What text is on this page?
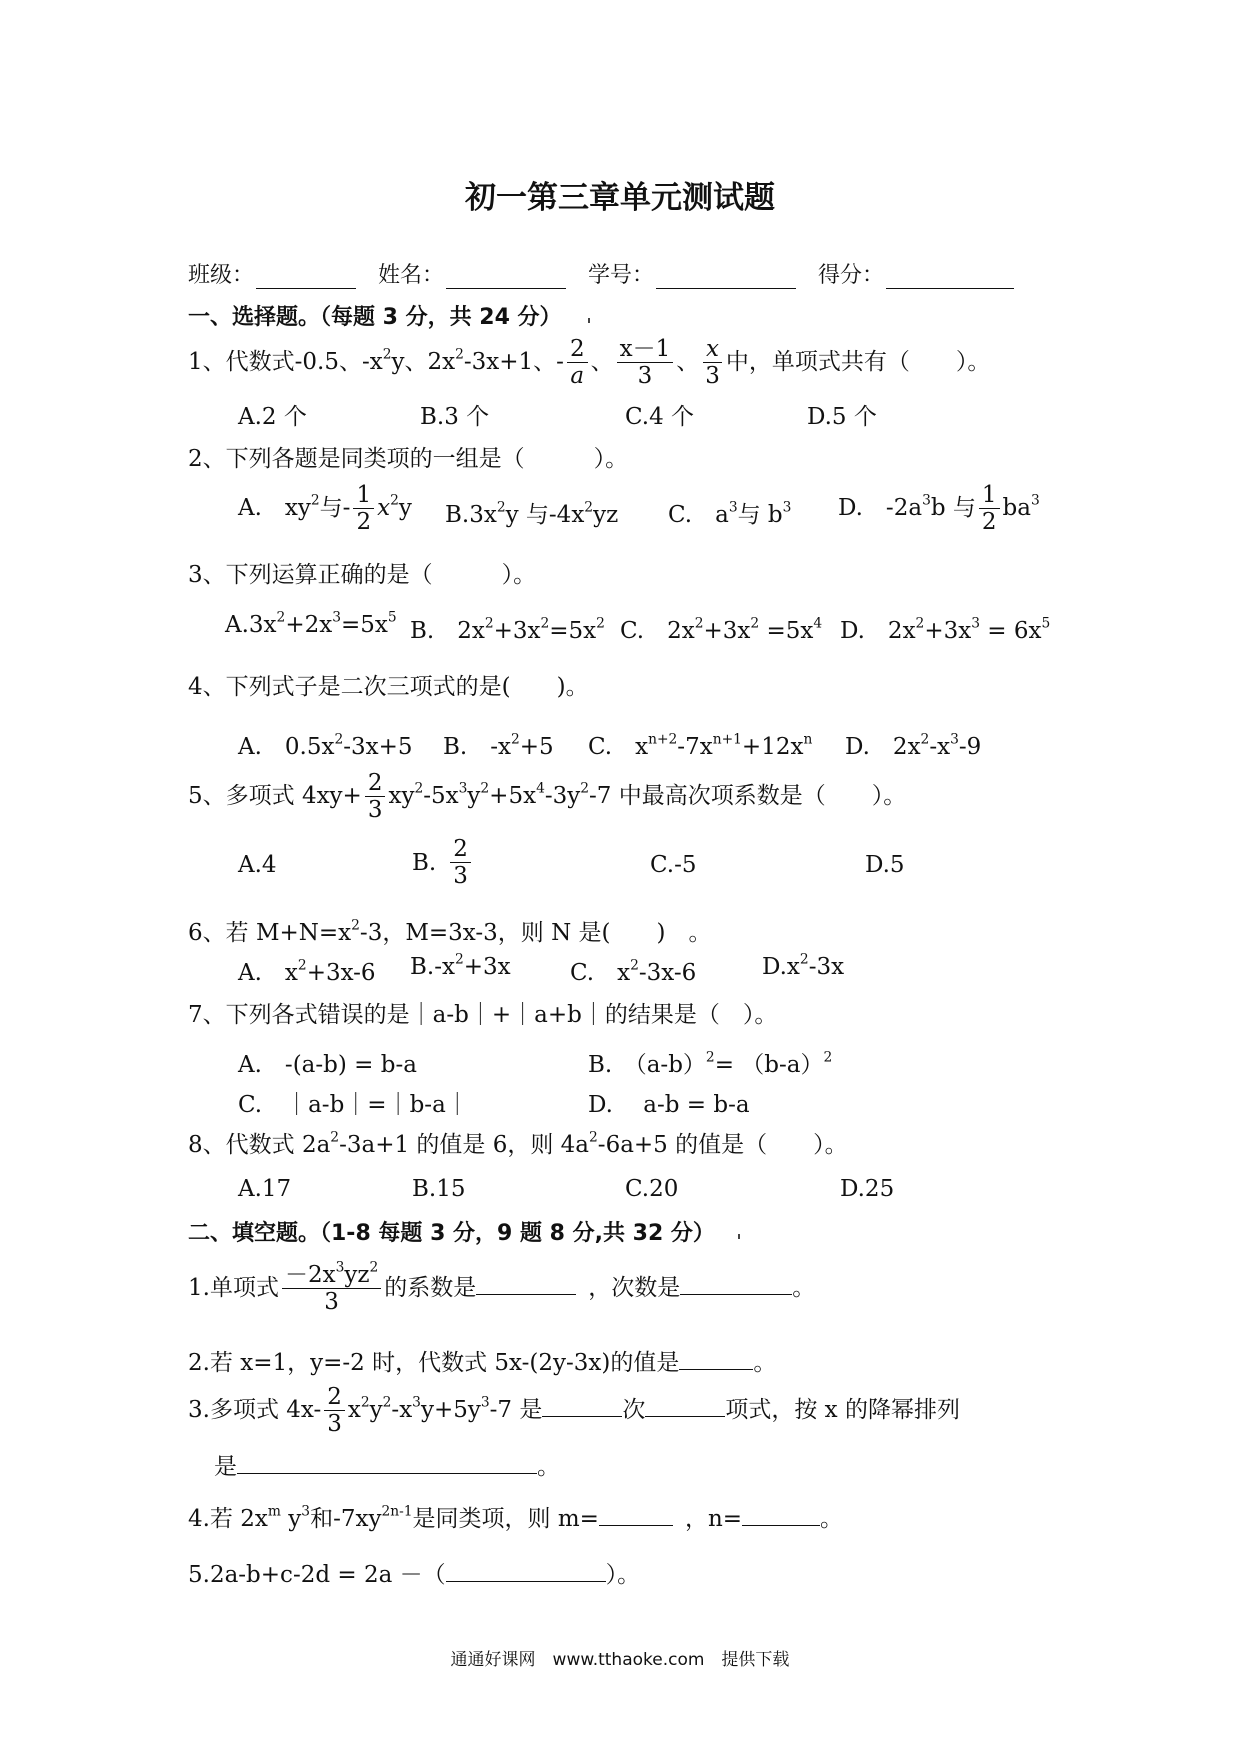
初一第三章单元测试题
班级：	姓名：	学号：	得分：
一、选择题。（每题 3 分，共 24 分）
1、代数式-0.5、$-x^2y$、$2x^2-3x+1$、- $\frac{2}{a}$ 、 $\frac{x-1}{3}$ 、 $\frac{x}{3}$ 中，单项式共有（　　）。
A.2 个	B.3 个	C.4 个	D.5 个
2、下列各题是同类项的一组是（　　　）。
A.　$xy^2$与- $\frac{1}{2} x^2y$ $B.3x^2y$ 与$-4x^2yz$ C.　$a^3$与 $b^3$ D.　$-2a^3b$ 与 $\frac{1}{2} ba^3$
3、下列运算正确的是（　　　）。
$A.3x^2+2x^3=5x^5$
B.　$2x^2+3x^2=5x^2$ C.　$2x^2+3x^2 =5x^4$ D.　$2x^2+3x^3 = 6x^5$
4、下列式子是二次三项式的是(　　)。
A.　$0.5x^2-3x+5$ B.　$-x^2+5$ C.　$x^{n+2}-7x^{n+1}+12x^n$ D.　$2x^2-x^3-9$
5、多项式 $4xy+ \frac{2}{3} xy^2-5x^3y^2+5x^4-3y^2-7$ 中最高次项系数是（　　）。
A.4	B. $\frac{2}{3}$	C.-5	D.5
6、若 $M+N=x^2-3$，M=3x-3，则 N 是(　　)　。
A.　$x^2+3x-6$ $B.-x^2+3x$	C.　$x^2-3x-6$	$D.x^2-3x$
7、下列各式错误的是｜a-b｜+｜a+b｜的结果是（　）。
A.　-(a-b) = b-a	B.　$(a-b)^2= (b-a)^2$
C.　｜a-b｜=｜b-a｜	D.　 a-b = b-a
8、代数式 $2a^2-3a+1$ 的值是 6，则 $4a^2-6a+5$ 的值是（　　）。
A.17	B.15	C.20	D.25
二、填空题。（1-8 每题 3 分，9 题 8 分,共 32 分）
1.单项式 $\frac{-2x^3yz^2}{3}$ 的系数是	，次数是	。
2.若 x=1，y=-2 时，代数式 5x-(2y-3x)的值是	。
3.多项式 $4x- \frac{2}{3} x^2y^2-x^3y+5y^3-7$ 是	次	项式，按 x 的降幂排列
是	。
4.若 $2x^m$ $y^3$和$-7xy^{2n-1}$是同类项，则 m=	，n=	。
5.2a-b+c-2d = 2a －（	）。
通通好课网　www.tthaoke.com　提供下载
